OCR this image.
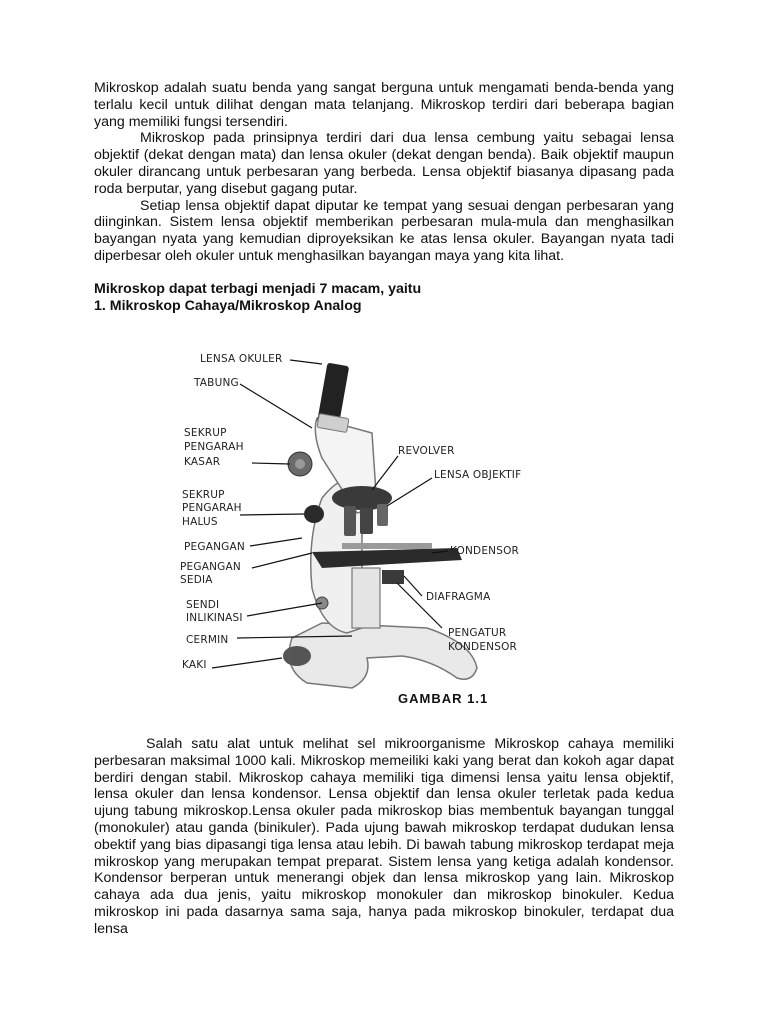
Mikroskop adalah suatu benda yang sangat berguna untuk mengamati benda-benda yang terlalu kecil untuk dilihat dengan mata telanjang. Mikroskop terdiri dari beberapa bagian yang memiliki fungsi tersendiri.

Mikroskop pada prinsipnya terdiri dari dua lensa cembung yaitu sebagai lensa objektif (dekat dengan mata) dan lensa okuler (dekat dengan benda). Baik objektif maupun okuler dirancang untuk perbesaran yang berbeda. Lensa objektif biasanya dipasang pada roda berputar, yang disebut gagang putar.

Setiap lensa objektif dapat diputar ke tempat yang sesuai dengan perbesaran yang diinginkan. Sistem lensa objektif memberikan perbesaran mula-mula dan menghasilkan bayangan nyata yang kemudian diproyeksikan ke atas lensa okuler. Bayangan nyata tadi diperbesar oleh okuler untuk menghasilkan bayangan maya yang kita lihat.

Mikroskop dapat terbagi menjadi 7 macam, yaitu

1. Mikroskop Cahaya/Mikroskop Analog

LENSA OKULER
TABUNG
SEKRUP
PENGARAH
KASAR
SEKRUP
PENGARAH
HALUS
PEGANGAN
PEGANGAN
SEDIA
SENDI
INLIKINASI
CERMIN
KAKI
REVOLVER
LENSA OBJEKTIF
KONDENSOR
DIAFRAGMA
PENGATUR
KONDENSOR
GAMBAR 1.1

Salah satu alat untuk melihat sel mikroorganisme Mikroskop cahaya memiliki perbesaran maksimal 1000 kali. Mikroskop memeiliki kaki yang berat dan kokoh agar dapat berdiri dengan stabil. Mikroskop cahaya memiliki tiga dimensi lensa yaitu lensa objektif, lensa okuler dan lensa kondensor. Lensa objektif dan lensa okuler terletak pada kedua ujung tabung mikroskop.Lensa okuler pada mikroskop bias membentuk bayangan tunggal (monokuler) atau ganda (binikuler). Pada ujung bawah mikroskop terdapat dudukan lensa obektif yang bias dipasangi tiga lensa atau lebih. Di bawah tabung mikroskop terdapat meja mikroskop yang merupakan tempat preparat. Sistem lensa yang ketiga adalah kondensor. Kondensor berperan untuk menerangi objek dan lensa mikroskop yang lain. Mikroskop cahaya ada dua jenis, yaitu mikroskop monokuler dan mikroskop binokuler. Kedua mikroskop ini pada dasarnya sama saja, hanya pada mikroskop binokuler, terdapat dua lensa
